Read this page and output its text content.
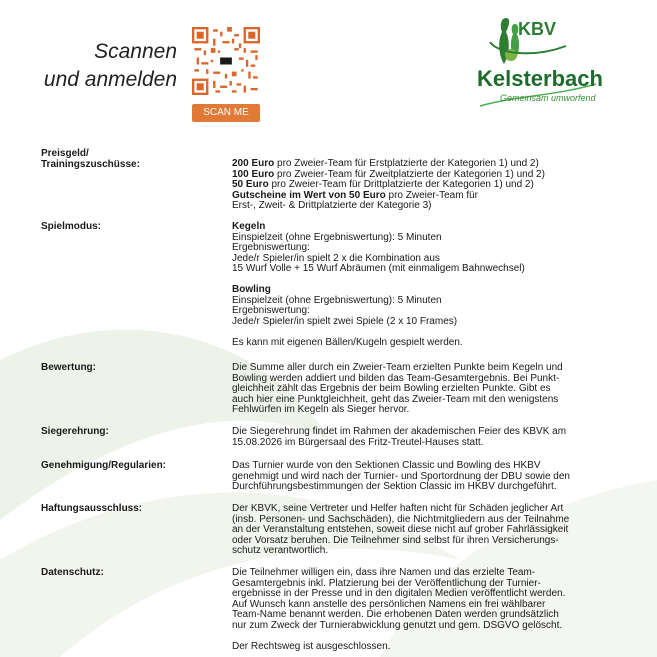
Scannen
und anmelden
SCAN ME
KBV
Kelsterbach
Gemeinsam umworfend
Preisgeld/
Trainingszuschüsse:	200 Euro pro Zweier-Team für Erstplatzierte der Kategorien 1) und 2)
100 Euro pro Zweier-Team für Zweitplatzierte der Kategorien 1) und 2)
50 Euro pro Zweier-Team für Drittplatzierte der Kategorien 1) und 2)
Gutscheine im Wert von 50 Euro pro Zweier-Team für
Erst-, Zweit- & Drittplatzierte der Kategorie 3)
Spielmodus:	Kegeln
Einspielzeit (ohne Ergebniswertung): 5 Minuten
Ergebniswertung:
Jede/r Spieler/in spielt 2 x die Kombination aus
15 Wurf Volle + 15 Wurf Abräumen (mit einmaligem Bahnwechsel)
Bowling
Einspielzeit (ohne Ergebniswertung): 5 Minuten
Ergebniswertung:
Jede/r Spieler/in spielt zwei Spiele (2 x 10 Frames)
Es kann mit eigenen Bällen/Kugeln gespielt werden.
Bewertung:	Die Summe aller durch ein Zweier-Team erzielten Punkte beim Kegeln und
Bowling werden addiert und bilden das Team-Gesamtergebnis. Bei Punkt-
gleichheit zählt das Ergebnis der beim Bowling erzielten Punkte. Gibt es
auch hier eine Punktgleichheit, geht das Zweier-Team mit den wenigstens
Fehlwürfen im Kegeln als Sieger hervor.
Siegerehrung:	Die Siegerehrung findet im Rahmen der akademischen Feier des KBVK am
15.08.2026 im Bürgersaal des Fritz-Treutel-Hauses statt.
Genehmigung/Regularien:	Das Turnier wurde von den Sektionen Classic und Bowling des HKBV
genehmigt und wird nach der Turnier- und Sportordnung der DBU sowie den
Durchführungsbestimmungen der Sektion Classic im HKBV durchgeführt.
Haftungsausschluss:	Der KBVK, seine Vertreter und Helfer haften nicht für Schäden jeglicher Art
(insb. Personen- und Sachschäden), die Nichtmitgliedern aus der Teilnahme
an der Veranstaltung entstehen, soweit diese nicht auf grober Fahrlässigkeit
oder Vorsatz beruhen. Die Teilnehmer sind selbst für ihren Versicherungs-
schutz verantwortlich.
Datenschutz:	Die Teilnehmer willigen ein, dass ihre Namen und das erzielte Team-
Gesamtergebnis inkl. Platzierung bei der Veröffentlichung der Turnier-
ergebnisse in der Presse und in den digitalen Medien veröffentlicht werden.
Auf Wunsch kann anstelle des persönlichen Namens ein frei wählbarer
Team-Name benannt werden. Die erhobenen Daten werden grundsätzlich
nur zum Zweck der Turnierabwicklung genutzt und gem. DSGVO gelöscht.
Der Rechtsweg ist ausgeschlossen.
